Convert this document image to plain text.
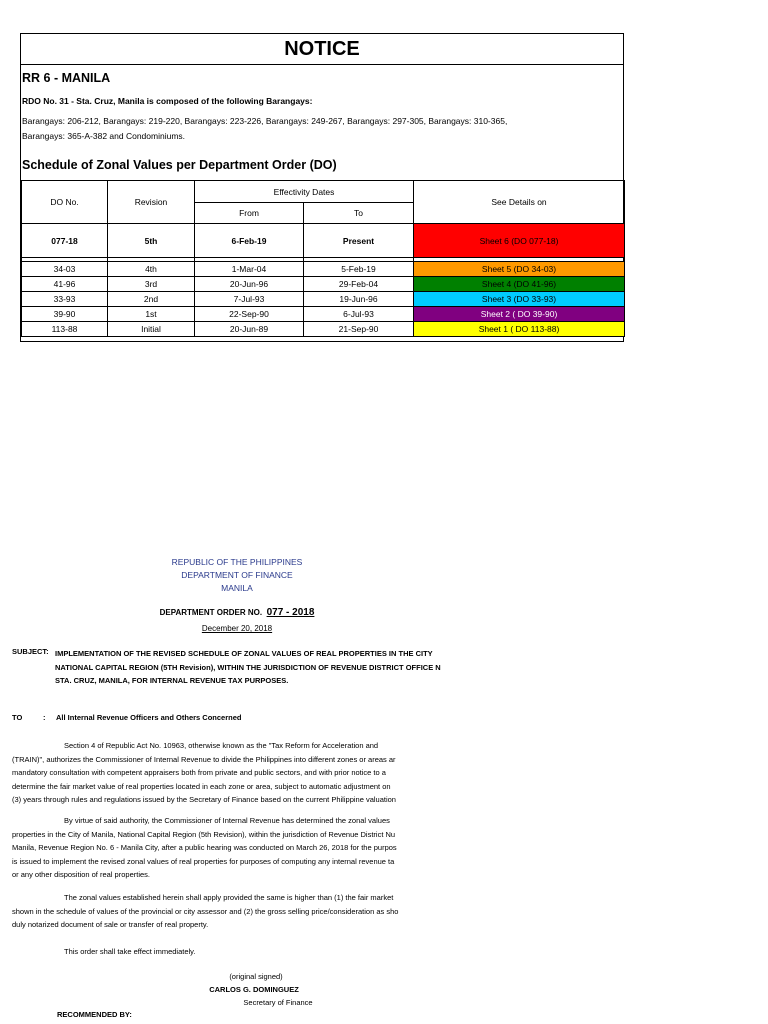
NOTICE
RR 6 - MANILA
RDO No. 31 - Sta. Cruz, Manila is composed of the following Barangays:
Barangays: 206-212, Barangays: 219-220, Barangays: 223-226, Barangays: 249-267, Barangays: 297-305, Barangays: 310-365,
Barangays: 365-A-382 and Condominiums.
Schedule of Zonal Values per Department Order (DO)
DO No.	Revision	Effectivity Dates		See Details on
		From	To	
077-18	5th	6-Feb-19	Present	Sheet 6 (DO 077-18)

34-03	4th	1-Mar-04	5-Feb-19	Sheet 5 (DO 34-03)
41-96	3rd	20-Jun-96	29-Feb-04	Sheet 4 (DO 41-96)
33-93	2nd	7-Jul-93	19-Jun-96	Sheet 3 (DO 33-93)
39-90	1st	22-Sep-90	6-Jul-93	Sheet 2 ( DO 39-90)
113-88	Initial	20-Jun-89	21-Sep-90	Sheet 1 ( DO 113-88)
REPUBLIC OF THE PHILIPPINES
DEPARTMENT OF FINANCE
MANILA
DEPARTMENT ORDER NO. 077 - 2018
December 20, 2018
SUBJECT: IMPLEMENTATION OF THE REVISED SCHEDULE OF ZONAL VALUES OF REAL PROPERTIES IN THE CITY
NATIONAL CAPITAL REGION (5TH Revision), WITHIN THE JURISDICTION OF REVENUE DISTRICT OFFICE N
STA. CRUZ, MANILA, FOR INTERNAL REVENUE TAX PURPOSES.
TO	: All Internal Revenue Officers and Others Concerned
Section 4 of Republic Act No. 10963, otherwise known as the "Tax Reform for Acceleration and
(TRAIN)", authorizes the Commissioner of Internal Revenue to divide the Philippines into different zones or areas ar
mandatory consultation with competent appraisers both from private and public sectors, and with prior notice to a
determine the fair market value of real properties located in each zone or area, subject to automatic adjustment on
(3) years through rules and regulations issued by the Secretary of Finance based on the current Philippine valuation
By virtue of said authority, the Commissioner of Internal Revenue has determined the zonal values
properties in the City of Manila, National Capital Region (5th Revision), within the jurisdiction of Revenue District Nu
Manila, Revenue Region No. 6 - Manila City, after a public hearing was conducted on March 26, 2018 for the purpos
is issued to implement the revised zonal values of real properties for purposes of computing any internal revenue ta
or any other disposition of real properties.
The zonal values established herein shall apply provided the same is higher than (1) the fair market
shown in the schedule of values of the provincial or city assessor and (2) the gross selling price/consideration as sho
duly notarized document of sale or transfer of real property.
This order shall take effect immediately.
(original signed)
CARLOS G. DOMINGUEZ
Secretary of Finance
RECOMMENDED BY:
